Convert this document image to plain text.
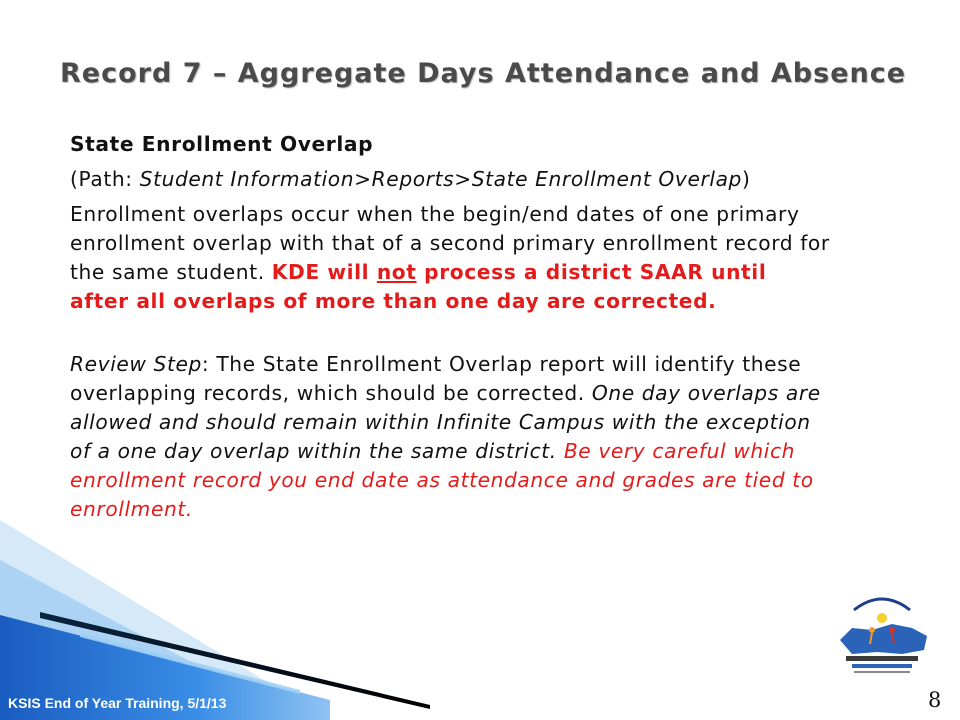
Record 7 – Aggregate Days Attendance and Absence

State Enrollment Overlap

(Path: Student Information>Reports>State Enrollment Overlap)

Enrollment overlaps occur when the begin/end dates of one primary enrollment overlap with that of a second primary enrollment record for the same student. KDE will not process a district SAAR until after all overlaps of more than one day are corrected.

Review Step: The State Enrollment Overlap report will identify these overlapping records, which should be corrected. One day overlaps are allowed and should remain within Infinite Campus with the exception of a one day overlap within the same district. Be very careful which enrollment record you end date as attendance and grades are tied to enrollment.

KSIS End of Year Training, 5/1/13	8
